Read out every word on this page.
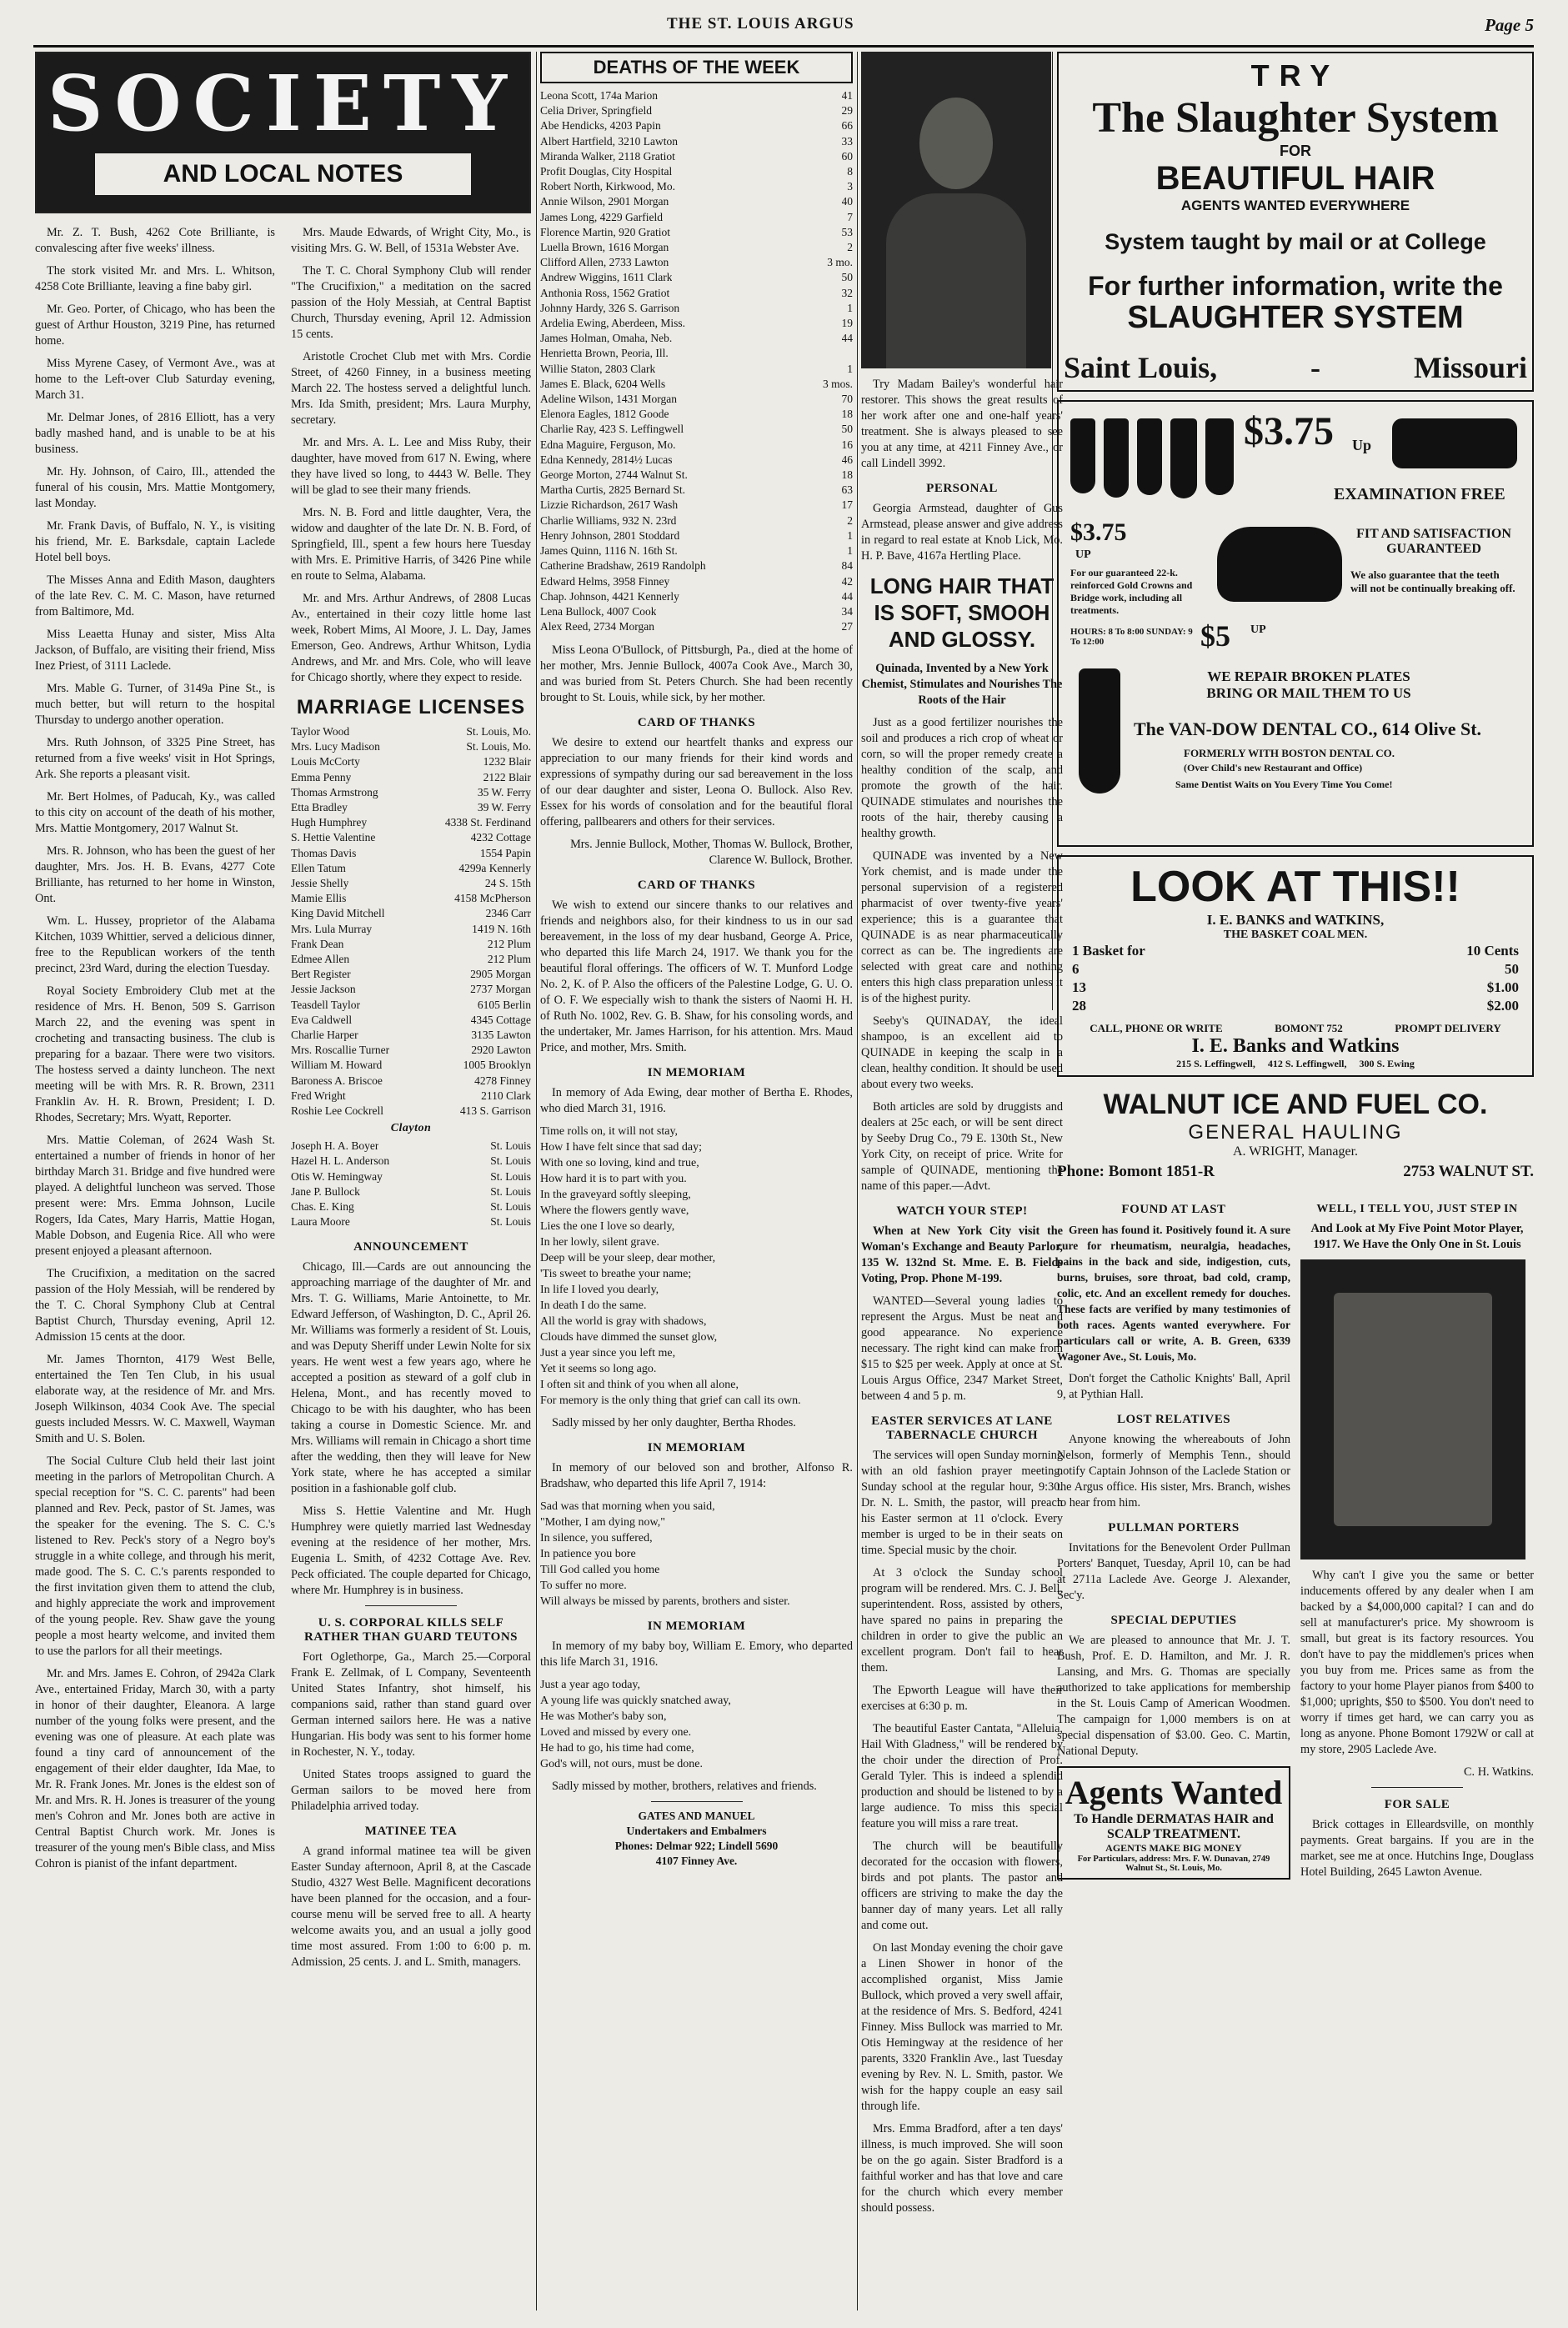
THE ST. LOUIS ARGUS	Page 5
SOCIETY
AND LOCAL NOTES

Mr. Z. T. Bush, 4262 Cote Brilliante, is convalescing after five weeks' illness.

The stork visited Mr. and Mrs. L. Whitson, 4258 Cote Brilliante, leaving a fine baby girl.

Mr. Geo. Porter, of Chicago, who has been the guest of Arthur Houston, 3219 Pine, has returned home.

Miss Myrene Casey, of Vermont Ave., was at home to the Left-over Club Saturday evening, March 31.

Mr. Delmar Jones, of 2816 Elliott, has a very badly mashed hand, and is unable to be at his business.

Mr. Hy. Johnson, of Cairo, Ill., attended the funeral of his cousin, Mrs. Mattie Montgomery, last Monday.

Mr. Frank Davis, of Buffalo, N. Y., is visiting his friend, Mr. E. Barksdale, captain Laclede Hotel bell boys.

The Misses Anna and Edith Mason, daughters of the late Rev. C. M. C. Mason, have returned from Baltimore, Md.

Miss Leaetta Hunay and sister, Miss Alta Jackson, of Buffalo, are visiting their friend, Miss Inez Priest, of 3111 Laclede.

Mrs. Mable G. Turner, of 3149a Pine St., is much better, but will return to the hospital Thursday to undergo another operation.

Mrs. Ruth Johnson, of 3325 Pine Street, has returned from a five weeks' visit in Hot Springs, Ark. She reports a pleasant visit.

Mr. Bert Holmes, of Paducah, Ky., was called to this city on account of the death of his mother, Mrs. Mattie Montgomery, 2017 Walnut St.

Mrs. R. Johnson, who has been the guest of her daughter, Mrs. Jos. H. B. Evans, 4277 Cote Brilliante, has returned to her home in Winston, Ont.

Wm. L. Hussey, proprietor of the Alabama Kitchen, 1039 Whittier, served a delicious dinner, free to the Republican workers of the tenth precinct, 23rd Ward, during the election Tuesday.

Royal Society Embroidery Club met at the residence of Mrs. H. Benon, 509 S. Garrison March 22, and the evening was spent in crocheting and transacting business. The club is preparing for a bazaar. There were two visitors. The hostess served a dainty luncheon. The next meeting will be with Mrs. R. R. Brown, 2311 Franklin Av. H. R. Brown, President; I. D. Rhodes, Secretary; Mrs. Wyatt, Reporter.

Mrs. Mattie Coleman, of 2624 Wash St. entertained a number of friends in honor of her birthday March 31. Bridge and five hundred were played. A delightful luncheon was served. Those present were: Mrs. Emma Johnson, Lucile Rogers, Ida Cates, Mary Harris, Mattie Hogan, Mable Dobson, and Eugenia Rice. All who were present enjoyed a pleasant afternoon.

The Crucifixion, a meditation on the sacred passion of the Holy Messiah, will be rendered by the T. C. Choral Symphony Club at Central Baptist Church, Thursday evening, April 12. Admission 15 cents at the door.

Mr. James Thornton, 4179 West Belle, entertained the Ten Ten Club, in his usual elaborate way, at the residence of Mr. and Mrs. Joseph Wilkinson, 4034 Cook Ave. The special guests included Messrs. W. C. Maxwell, Wayman Smith and U. S. Bolen.

The Social Culture Club held their last joint meeting in the parlors of Metropolitan Church. A special reception for "S. C. C. parents" had been planned and Rev. Peck, pastor of St. James, was the speaker for the evening. The S. C. C.'s listened to Rev. Peck's story of a Negro boy's struggle in a white college, and through his merit, made good. The S. C. C.'s parents responded to the first invitation given them to attend the club, and highly appreciate the work and improvement of the young people. Rev. Shaw gave the young people a most hearty welcome, and invited them to use the parlors for all their meetings.

Mr. and Mrs. James E. Cohron, of 2942a Clark Ave., entertained Friday, March 30, with a party in honor of their daughter, Eleanora. A large number of the young folks were present, and the evening was one of pleasure. At each plate was found a tiny card of announcement of the engagement of their elder daughter, Ida Mae, to Mr. R. Frank Jones. Mr. Jones is the eldest son of Mr. and Mrs. R. H. Jones is treasurer of the young men's Cohron and Mr. Jones both are active in Central Baptist Church work. Mr. Jones is treasurer of the young men's Bible class, and Miss Cohron is pianist of the infant department.

Mrs. Maude Edwards, of Wright City, Mo., is visiting Mrs. G. W. Bell, of 1531a Webster Ave.

The T. C. Choral Symphony Club will render "The Crucifixion," a meditation on the sacred passion of the Holy Messiah, at Central Baptist Church, Thursday evening, April 12. Admission 15 cents.

Aristotle Crochet Club met with Mrs. Cordie Street, of 4260 Finney, in a business meeting March 22. The hostess served a delightful lunch. Mrs. Ida Smith, president; Mrs. Laura Murphy, secretary.

Mr. and Mrs. A. L. Lee and Miss Ruby, their daughter, have moved from 617 N. Ewing, where they have lived so long, to 4443 W. Belle. They will be glad to see their many friends.

Mrs. N. B. Ford and little daughter, Vera, the widow and daughter of the late Dr. N. B. Ford, of Springfield, Ill., spent a few hours here Tuesday with Mrs. E. Primitive Harris, of 3426 Pine while en route to Selma, Alabama.

Mr. and Mrs. Arthur Andrews, of 2808 Lucas Av., entertained in their cozy little home last week, Robert Mims, Al Moore, J. L. Day, James Emerson, Geo. Andrews, Arthur Whitson, Lydia Andrews, and Mr. and Mrs. Cole, who will leave for Chicago shortly, where they expect to reside.

MARRIAGE LICENSES
Taylor Wood	St. Louis, Mo.
Mrs. Lucy Madison	St. Louis, Mo.
Louis McCorty	1232 Blair
Emma Penny	2122 Blair
Thomas Armstrong	35 W. Ferry
Etta Bradley	39 W. Ferry
Hugh Humphrey	4338 St. Ferdinand
S. Hettie Valentine	4232 Cottage
Thomas Davis	1554 Papin
Ellen Tatum	4299a Kennerly
Jessie Shelly	24 S. 15th
Mamie Ellis	4158 McPherson
King David Mitchell	2346 Carr
Mrs. Lula Murray	1419 N. 16th
Frank Dean	212 Plum
Edmee Allen	212 Plum
Bert Register	2905 Morgan
Jessie Jackson	2737 Morgan
Teasdell Taylor	6105 Berlin
Eva Caldwell	4345 Cottage
Charlie Harper	3135 Lawton
Mrs. Roscallie Turner	2920 Lawton
William M. Howard	1005 Brooklyn
Baroness A. Briscoe	4278 Finney
Fred Wright	2110 Clark
Roshie Lee Cockrell	413 S. Garrison
Clayton
Joseph H. A. Boyer	St. Louis
Hazel H. L. Anderson	St. Louis
Otis W. Hemingway	St. Louis
Jane P. Bullock	St. Louis
Chas. E. King	St. Louis
Laura Moore	St. Louis
ANNOUNCEMENT

Chicago, Ill.—Cards are out announcing the approaching marriage of the daughter of Mr. and Mrs. T. G. Williams, Marie Antoinette, to Mr. Edward Jefferson, of Washington, D. C., April 26. Mr. Williams was formerly a resident of St. Louis, and was Deputy Sheriff under Lewin Nolte for six years. He went west a few years ago, where he accepted a position as steward of a golf club in Helena, Mont., and has recently moved to Chicago to be with his daughter, who has been taking a course in Domestic Science. Mr. and Mrs. Williams will remain in Chicago a short time after the wedding, then they will leave for New York state, where he has accepted a similar position in a fashionable golf club.

Miss S. Hettie Valentine and Mr. Hugh Humphrey were quietly married last Wednesday evening at the residence of her mother, Mrs. Eugenia L. Smith, of 4232 Cottage Ave. Rev. Peck officiated. The couple departed for Chicago, where Mr. Humphrey is in business.

U. S. CORPORAL KILLS SELF RATHER THAN GUARD TEUTONS

Fort Oglethorpe, Ga., March 25.—Corporal Frank E. Zellmak, of L Company, Seventeenth United States Infantry, shot himself, his companions said, rather than stand guard over German interned sailors here. He was a native Hungarian. His body was sent to his former home in Rochester, N. Y., today.

United States troops assigned to guard the German sailors to be moved here from Philadelphia arrived today.

MATINEE TEA

A grand informal matinee tea will be given Easter Sunday afternoon, April 8, at the Cascade Studio, 4327 West Belle. Magnificent decorations have been planned for the occasion, and a four-course menu will be served free to all. A hearty welcome awaits you, and an usual a jolly good time most assured. From 1:00 to 6:00 p. m. Admission, 25 cents. J. and L. Smith, managers.

DEATHS OF THE WEEK
Leona Scott, 174a Marion	41
Celia Driver, Springfield	29
Abe Hendicks, 4203 Papin	66
Albert Hartfield, 3210 Lawton	33
Miranda Walker, 2118 Gratiot	60
Profit Douglas, City Hospital	8
Robert North, Kirkwood, Mo.	3
Annie Wilson, 2901 Morgan	40
James Long, 4229 Garfield	7
Florence Martin, 920 Gratiot	53
Luella Brown, 1616 Morgan	2
Clifford Allen, 2733 Lawton	3 mo.
Andrew Wiggins, 1611 Clark	50
Anthonia Ross, 1562 Gratiot	32
Johnny Hardy, 326 S. Garrison	1
Ardelia Ewing, Aberdeen, Miss.	19
James Holman, Omaha, Neb.	44
Henrietta Brown, Peoria, Ill.
Willie Staton, 2803 Clark	1
James E. Black, 6204 Wells	3 mos.
Adeline Wilson, 1431 Morgan	70
Elenora Eagles, 1812 Goode	18
Charlie Ray, 423 S. Leffingwell	50
Edna Maguire, Ferguson, Mo.	16
Edna Kennedy, 2814½ Lucas	46
George Morton, 2744 Walnut St.	18
Martha Curtis, 2825 Bernard St.	63
Lizzie Richardson, 2617 Wash	17
Charlie Williams, 932 N. 23rd	2
Henry Johnson, 2801 Stoddard	1
James Quinn, 1116 N. 16th St.	1
Catherine Bradshaw, 2619 Randolph	84
Edward Helms, 3958 Finney	42
Chap. Johnson, 4421 Kennerly	44
Lena Bullock, 4007 Cook	34
Alex Reed, 2734 Morgan	27

Miss Leona O'Bullock, of Pittsburgh, Pa., died at the home of her mother, Mrs. Jennie Bullock, 4007a Cook Ave., March 30, and was buried from St. Peters Church. She had been recently brought to St. Louis, while sick, by her mother.

CARD OF THANKS

We desire to extend our heartfelt thanks and express our appreciation to our many friends for their kind words and expressions of sympathy during our sad bereavement in the loss of our dear daughter and sister, Leona O. Bullock. Also Rev. Essex for his words of consolation and for the beautiful floral offering, pallbearers and others for their services.

Mrs. Jennie Bullock, Mother, Thomas W. Bullock, Brother, Clarence W. Bullock, Brother.

CARD OF THANKS

We wish to extend our sincere thanks to our relatives and friends and neighbors also, for their kindness to us in our sad bereavement, in the loss of my dear husband, George A. Price, who departed this life March 24, 1917. We thank you for the beautiful floral offerings. The officers of W. T. Munford Lodge No. 2, K. of P. Also the officers of the Palestine Lodge, G. U. O. of O. F. We especially wish to thank the sisters of Naomi H. H. of Ruth No. 1002, Rev. G. B. Shaw, for his consoling words, and the undertaker, Mr. James Harrison, for his attention. Mrs. Maud Price, and mother, Mrs. Smith.

IN MEMORIAM

In memory of Ada Ewing, dear mother of Bertha E. Rhodes, who died March 31, 1916.

Time rolls on, it will not stay,
How I have felt since that sad day;
With one so loving, kind and true,
How hard it is to part with you.
In the graveyard softly sleeping,
Where the flowers gently wave,
Lies the one I love so dearly,
In her lowly, silent grave.
Deep will be your sleep, dear mother,
'Tis sweet to breathe your name;
In life I loved you dearly,
In death I do the same.
All the world is gray with shadows,
Clouds have dimmed the sunset glow,
Just a year since you left me,
Yet it seems so long ago.
I often sit and think of you when all alone,
For memory is the only thing that grief can call its own.

Sadly missed by her only daughter, Bertha Rhodes.

IN MEMORIAM

In memory of our beloved son and brother, Alfonso R. Bradshaw, who departed this life April 7, 1914:

Sad was that morning when you said,
"Mother, I am dying now,"
In silence, you suffered,
In patience you bore
Till God called you home
To suffer no more.
Will always be missed by parents, brothers and sister.
IN MEMORIAM

In memory of my baby boy, William E. Emory, who departed this life March 31, 1916.

Just a year ago today,
A young life was quickly snatched away,
He was Mother's baby son,
Loved and missed by every one.
He had to go, his time had come,
God's will, not ours, must be done.

Sadly missed by mother, brothers, relatives and friends.

GATES AND MANUEL
Undertakers and Embalmers
Phones: Delmar 922; Lindell 5690
4107 Finney Ave.

Try Madam Bailey's wonderful hair restorer. This shows the great results of her work after one and one-half years' treatment. She is always pleased to see you at any time, at 4211 Finney Ave., or call Lindell 3992.

PERSONAL

Georgia Armstead, daughter of Gus Armstead, please answer and give address in regard to real estate at Knob Lick, Mo. H. P. Bave, 4167a Hertling Place.

LONG HAIR THAT IS SOFT, SMOOH AND GLOSSY.

Quinada, Invented by a New York Chemist, Stimulates and Nourishes The Roots of the Hair

Just as a good fertilizer nourishes the soil and produces a rich crop of wheat or corn, so will the proper remedy create a healthy condition of the scalp, and promote the growth of the hair. QUINADE stimulates and nourishes the roots of the hair, thereby causing a healthy growth.

QUINADE was invented by a New York chemist, and is made under the personal supervision of a registered pharmacist of over twenty-five years' experience; this is a guarantee that QUINADE is as near pharmaceutically correct as can be. The ingredients are selected with great care and nothing enters this high class preparation unless it is of the highest purity.

Seeby's QUINADAY, the ideal shampoo, is an excellent aid to QUINADE in keeping the scalp in a clean, healthy condition. It should be used about every two weeks.

Both articles are sold by druggists and dealers at 25c each, or will be sent direct by Seeby Drug Co., 79 E. 130th St., New York City, on receipt of price. Write for sample of QUINADE, mentioning the name of this paper.—Advt.

WATCH YOUR STEP!

When at New York City visit the Woman's Exchange and Beauty Parlor, 135 W. 132nd St. Mme. E. B. Fields Voting, Prop. Phone M-199.

WANTED—Several young ladies to represent the Argus. Must be neat and good appearance. No experience necessary. The right kind can make from $15 to $25 per week. Apply at once at St. Louis Argus Office, 2347 Market Street, between 4 and 5 p. m.

EASTER SERVICES AT LANE TABERNACLE CHURCH

The services will open Sunday morning with an old fashion prayer meeting. Sunday school at the regular hour, 9:30. Dr. N. L. Smith, the pastor, will preach his Easter sermon at 11 o'clock. Every member is urged to be in their seats on time. Special music by the choir.

At 3 o'clock the Sunday school program will be rendered. Mrs. C. J. Bell, superintendent. Ross, assisted by others, have spared no pains in preparing the children in order to give the public an excellent program. Don't fail to hear them.

The Epworth League will have their exercises at 6:30 p. m.

The beautiful Easter Cantata, "Alleluia, Hail With Gladness," will be rendered by the choir under the direction of Prof. Gerald Tyler. This is indeed a splendid production and should be listened to by a large audience. To miss this special feature you will miss a rare treat.

The church will be beautifully decorated for the occasion with flowers, birds and pot plants. The pastor and officers are striving to make the day the banner day of many years. Let all rally and come out.

On last Monday evening the choir gave a Linen Shower in honor of the accomplished organist, Miss Jamie Bullock, which proved a very swell affair, at the residence of Mrs. S. Bedford, 4241 Finney. Miss Bullock was married to Mr. Otis Hemingway at the residence of her parents, 3320 Franklin Ave., last Tuesday evening by Rev. N. L. Smith, pastor. We wish for the happy couple an easy sail through life.

Mrs. Emma Bradford, after a ten days' illness, is much improved. She will soon be on the go again. Sister Bradford is a faithful worker and has that love and care for the church which every member should possess.

TRY
The Slaughter System
FOR
BEAUTIFUL HAIR
AGENTS WANTED EVERYWHERE
System taught by mail or at College
For further information, write the
SLAUGHTER SYSTEM
Saint Louis,	-	Missouri
$3.75 Up
EXAMINATION FREE
$3.75
UP
For our guaranteed 22-k. reinforced Gold Crowns and Bridge work, including all treatments.
FIT AND SATISFACTION GUARANTEED
We also guarantee that the teeth will not be continually breaking off.
HOURS: 8 To 8:00 SUNDAY: 9 To 12:00	$5 UP
WE REPAIR BROKEN PLATES BRING OR MAIL THEM TO US
The VAN-DOW DENTAL CO., 614 Olive St.
FORMERLY WITH BOSTON DENTAL CO.
(Over Child's new Restaurant and Office)
Same Dentist Waits on You Every Time You Come!
LOOK AT THIS!!
I. E. BANKS and WATKINS,
THE BASKET COAL MEN.
1 Basket for	10 Cents
6	50
13	$1.00
28	$2.00
CALL, PHONE OR WRITE	BOMONT 752	PROMPT DELIVERY
I. E. Banks and Watkins
215 S. Leffingwell,     412 S. Leffingwell,     300 S. Ewing
WALNUT ICE AND FUEL CO.
GENERAL HAULING
A. WRIGHT, Manager.
Phone: Bomont 1851-R	2753 WALNUT ST.
FOUND AT LAST

Green has found it. Positively found it. A sure cure for rheumatism, neuralgia, headaches, pains in the back and side, indigestion, cuts, burns, bruises, sore throat, bad cold, cramp, colic, etc. And an excellent remedy for douches. These facts are verified by many testimonies of both races. Agents wanted everywhere. For particulars call or write, A. B. Green, 6339 Wagoner Ave., St. Louis, Mo.

Don't forget the Catholic Knights' Ball, April 9, at Pythian Hall.

LOST RELATIVES

Anyone knowing the whereabouts of John Nelson, formerly of Memphis Tenn., should notify Captain Johnson of the Laclede Station or the Argus office. His sister, Mrs. Branch, wishes to hear from him.

PULLMAN PORTERS

Invitations for the Benevolent Order Pullman Porters' Banquet, Tuesday, April 10, can be had at 2711a Laclede Ave. George J. Alexander, Sec'y.

SPECIAL DEPUTIES

We are pleased to announce that Mr. J. T. Bush, Prof. E. D. Hamilton, and Mr. J. R. Lansing, and Mrs. G. Thomas are specially authorized to take applications for membership in the St. Louis Camp of American Woodmen. The campaign for 1,000 members is on at special dispensation of $3.00. Geo. C. Martin, National Deputy.

Agents Wanted
To Handle DERMATAS HAIR and SCALP TREATMENT.
AGENTS MAKE BIG MONEY
For Particulars, address: Mrs. F. W. Dunavan, 2749 Walnut St., St. Louis, Mo.
WELL, I TELL YOU, JUST STEP IN

And Look at My Five Point Motor Player, 1917. We Have the Only One in St. Louis

Why can't I give you the same or better inducements offered by any dealer when I am backed by a $4,000,000 capital? I can and do sell at manufacturer's price. My showroom is small, but great is its factory resources. You don't have to pay the middlemen's prices when you buy from me. Prices same as from the factory to your home Player pianos from $400 to $1,000; uprights, $50 to $500. You don't need to worry if times get hard, we can carry you as long as anyone. Phone Bomont 1792W or call at my store, 2905 Laclede Ave.

C. H. Watkins.

FOR SALE

Brick cottages in Elleardsville, on monthly payments. Great bargains. If you are in the market, see me at once. Hutchins Inge, Douglass Hotel Building, 2645 Lawton Avenue.
